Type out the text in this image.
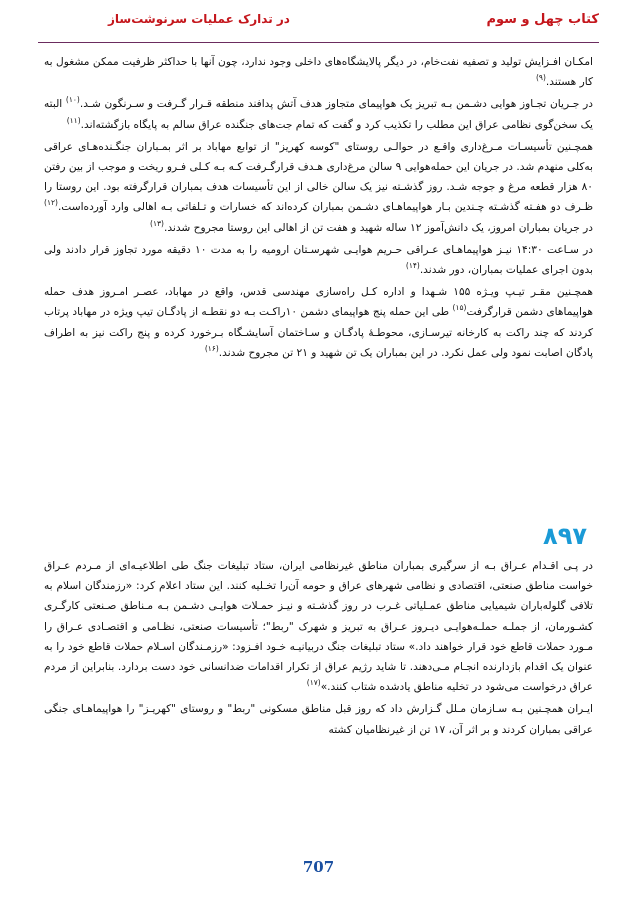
کتاب چهل و سوم
در تدارک عملیات سرنوشت‌ساز

امکـان افـزایش تولید و تصفیه نفت‌خام، در دیگر پالایشگاه‌های داخلی وجود ندارد، چون آنها با حداکثر ظرفیت ممکن مشغول به کار هستند.$^{(۹)}$

در جـریان تجـاوز هوایی دشـمن بـه تبریز یک هواپیمای متجاوز هدف آتش پدافند منطقه قـرار گـرفت و سـرنگون شـد.$^{(۱۰)}$ البته یک سخن‌گوی نظامی عراق این مطلب را تکذیب کرد و گفت که تمام جت‌های جنگنده عراق سالم به پایگاه بازگشته‌اند.$^{(۱۱)}$

همچـنین تأسیسـات مـرغ‌داری واقـع در حوالـی روستای "کوسه کهریز" از توابع مهاباد بر اثر بمـباران جنگـنده‌هـای عراقی به‌کلی منهدم شد. در جریان این حمله‌هوایی ۹ سالن مرغ‌داری هـدف قرارگـرفت کـه بـه کـلی فـرو ریخت و موجب از بین رفتن ۸۰ هزار قطعه مرغ و جوجه شـد. روز گذشـته نیز یک سالن خالی از این تأسیسات هدف بمباران قرارگرفته بود. این روستا را ظـرف دو هفـته گذشـته چـندین بـار هواپیماهـای دشـمن بمباران کرده‌اند که خسارات و تـلفاتی بـه اهالی وارد آورده‌است.$^{(۱۲)}$ در جریان بمباران امروز، یک دانش‌آموز ۱۲ ساله شهید و هفت تن از اهالی این روستا مجروح شدند.$^{(۱۳)}$

در سـاعت ۱۴:۳۰ نیـز هواپیماهـای عـراقی حـریم هوایـی شهرسـتان ارومیه را به مدت ۱۰ دقیقه مورد تجاوز قرار دادند ولی بدون اجرای عملیات بمباران، دور شدند.$^{(۱۴)}$

همچـنین مقـر تیـپ ویـژه ۱۵۵ شـهدا و اداره کـل راه‌سازی مهندسی قدس، واقع در مهاباد، عصـر امـروز هدف حمله هواپیماهای دشمن قرارگرفت$^{(۱۵)}$ طی این حمله پنج هواپیمای دشمن ۱۰راکـت بـه دو نقطـه از پادگـان تیپ ویژه در مهاباد پرتاب کردند که چند راکت به کارخانه تیرسـازی، محوطـۀ پادگـان و سـاختمان آسایشـگاه بـرخورد کرده و پنج راکت نیز به اطراف پادگان اصابت نمود ولی عمل نکرد. در این بمباران یک تن شهید و ۲۱ تن مجروح شدند.$^{(۱۶)}$

۸۹۷

در پـی اقـدام عـراق بـه از سرگیری بمباران مناطق غیرنظامی ایران، ستاد تبلیغات جنگ طی اطلاعیـه‌ای از مـردم عـراق خواست مناطق صنعتی، اقتصادی و نظامی شهرهای عراق و حومه آن‌را تخـلیه کنند. این ستاد اعلام کرد: «رزمندگان اسلام به تلافی گلوله‌باران شیمیایی مناطق عمـلیاتی غـرب در روز گذشـته و نیـز حمـلات هوایـی دشـمن بـه مـناطق صـنعتی کارگـری کشـورمان، از جملـه حملـه‌هوایـی دیـروز عـراق به تبریز و شهرک "ربط"؛ تأسیسات صنعتی، نظـامی و اقتصـادی عـراق را مـورد حملات قاطع خود قرار خواهند داد.» ستاد تبلیغات جنگ دربیانیـه خـود افـزود: «رزمـندگان اسـلام حملات قاطع خود را به عنوان یک اقدام بازدارنده انجـام مـی‌دهند. تا شاید رژیم عراق از تکرار اقدامات ضدانسانی خود دست بردارد. بنابراین از مردم عراق درخواست می‌شود در تخلیه مناطق یادشده شتاب کنند.»$^{(۱۷)}$

ایـران همچـنین بـه سـازمان مـلل گـزارش داد که روز قبل مناطق مسکونی "ربط" و روستای "کهریـز" را هواپیماهـای جنگی عراقی بمباران کردند و بر اثر آن، ۱۷ تن از غیرنظامیان کشته

707
